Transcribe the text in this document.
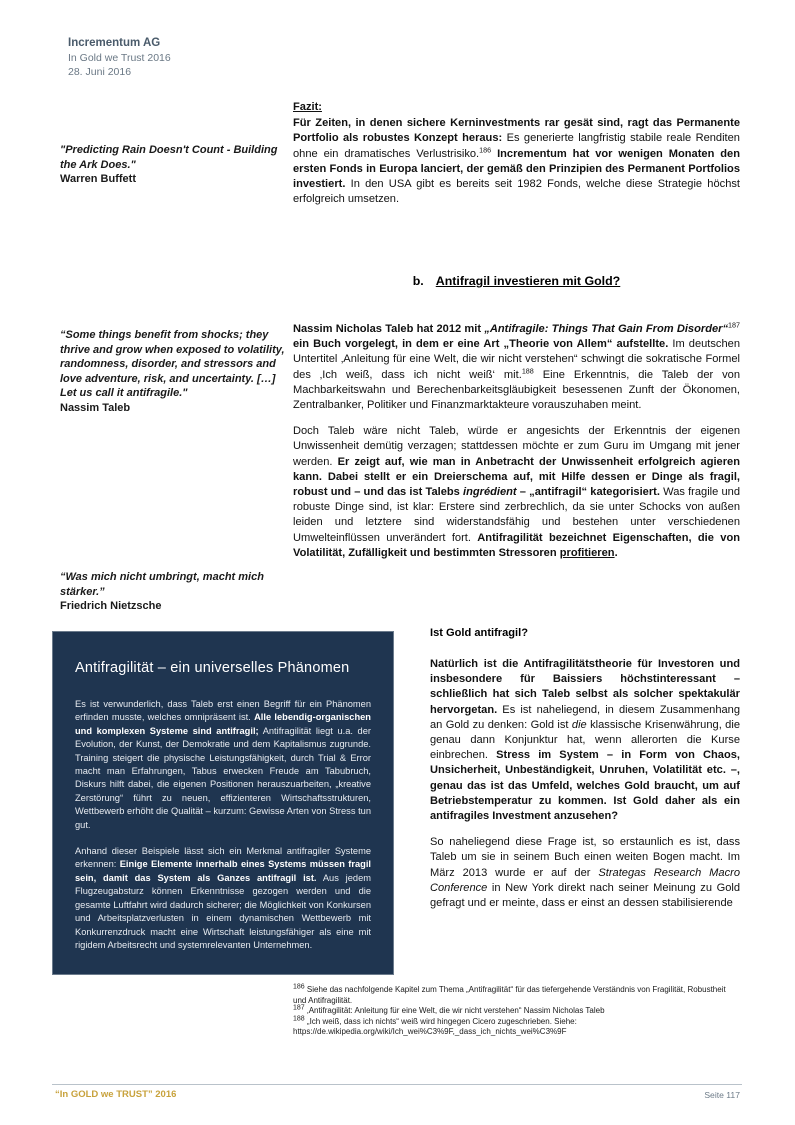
Incrementum AG
In Gold we Trust 2016
28. Juni 2016
"Predicting Rain Doesn't Count - Building the Ark Does."
Warren Buffett
“Some things benefit from shocks; they thrive and grow when exposed to volatility, randomness, disorder, and stressors and love adventure, risk, and uncertainty. […] Let us call it antifragile."
Nassim Taleb
“Was mich nicht umbringt, macht mich stärker.”
Friedrich Nietzsche

Fazit:
Für Zeiten, in denen sichere Kerninvestments rar gesät sind, ragt das Permanente Portfolio als robustes Konzept heraus: Es generierte langfristig stabile reale Renditen ohne ein dramatisches Verlustrisiko.$^{186}$ Incrementum hat vor wenigen Monaten den ersten Fonds in Europa lanciert, der gemäß den Prinzipien des Permanent Portfolios investiert. In den USA gibt es bereits seit 1982 Fonds, welche diese Strategie höchst erfolgreich umsetzen.

b. Antifragil investieren mit Gold?

Nassim Nicholas Taleb hat 2012 mit „Antifragile: Things That Gain From Disorder“$^{187}$ ein Buch vorgelegt, in dem er eine Art „Theorie von Allem“ aufstellte. Im deutschen Untertitel ‚Anleitung für eine Welt, die wir nicht verstehen“ schwingt die sokratische Formel des ‚Ich weiß, dass ich nicht weiß‘ mit.$^{188}$ Eine Erkenntnis, die Taleb der von Machbarkeitswahn und Berechenbarkeitsgläubigkeit besessenen Zunft der Ökonomen, Zentralbanker, Politiker und Finanzmarktakteure vorauszuhaben meint.

Doch Taleb wäre nicht Taleb, würde er angesichts der Erkenntnis der eigenen Unwissenheit demütig verzagen; stattdessen möchte er zum Guru im Umgang mit jener werden. Er zeigt auf, wie man in Anbetracht der Unwissenheit erfolgreich agieren kann. Dabei stellt er ein Dreierschema auf, mit Hilfe dessen er Dinge als fragil, robust und – und das ist Talebs ingrédient – „antifragil“ kategorisiert. Was fragile und robuste Dinge sind, ist klar: Erstere sind zerbrechlich, da sie unter Schocks von außen leiden und letztere sind widerstandsfähig und bestehen unter verschiedenen Umwelteinflüssen unverändert fort. Antifragilität bezeichnet Eigenschaften, die von Volatilität, Zufälligkeit und bestimmten Stressoren profitieren.

Ist Gold antifragil?

Natürlich ist die Antifragilitätstheorie für Investoren und insbesondere für Baissiers höchstinteressant – schließlich hat sich Taleb selbst als solcher spektakulär hervorgetan. Es ist naheliegend, in diesem Zusammenhang an Gold zu denken: Gold ist die klassische Krisenwährung, die genau dann Konjunktur hat, wenn allerorten die Kurse einbrechen. Stress im System – in Form von Chaos, Unsicherheit, Unbeständigkeit, Unruhen, Volatilität etc. –, genau das ist das Umfeld, welches Gold braucht, um auf Betriebstemperatur zu kommen. Ist Gold daher als ein antifragiles Investment anzusehen?

So naheliegend diese Frage ist, so erstaunlich es ist, dass Taleb um sie in seinem Buch einen weiten Bogen macht. Im März 2013 wurde er auf der Strategas Research Macro Conference in New York direkt nach seiner Meinung zu Gold gefragt und er meinte, dass er einst an dessen stabilisierende

Antifragilität – ein universelles Phänomen

Es ist verwunderlich, dass Taleb erst einen Begriff für ein Phänomen erfinden musste, welches omnipräsent ist. Alle lebendig-organischen und komplexen Systeme sind antifragil; Antifragilität liegt u.a. der Evolution, der Kunst, der Demokratie und dem Kapitalismus zugrunde. Training steigert die physische Leistungsfähigkeit, durch Trial & Error macht man Erfahrungen, Tabus erwecken Freude am Tabubruch, Diskurs hilft dabei, die eigenen Positionen herauszuarbeiten, „kreative Zerstörung“ führt zu neuen, effizienteren Wirtschaftsstrukturen, Wettbewerb erhöht die Qualität – kurzum: Gewisse Arten von Stress tun gut.

Anhand dieser Beispiele lässt sich ein Merkmal antifragiler Systeme erkennen: Einige Elemente innerhalb eines Systems müssen fragil sein, damit das System als Ganzes antifragil ist. Aus jedem Flugzeugabsturz können Erkenntnisse gezogen werden und die gesamte Luftfahrt wird dadurch sicherer; die Möglichkeit von Konkursen und Arbeitsplatzverlusten in einem dynamischen Wettbewerb mit Konkurrenzdruck macht eine Wirtschaft leistungsfähiger als eine mit rigidem Arbeitsrecht und systemrelevanten Unternehmen.

$^{186}$ Siehe das nachfolgende Kapitel zum Thema „Antifragilität“ für das tiefergehende Verständnis von Fragilität, Robustheit und Antifragilität.
$^{187}$ ‚Antifragilität: Anleitung für eine Welt, die wir nicht verstehen“ Nassim Nicholas Taleb
$^{188}$ „Ich weiß, dass ich nichts“ weiß wird hingegen Cicero zugeschrieben. Siehe:
https://de.wikipedia.org/wiki/Ich_wei%C3%9F,_dass_ich_nichts_wei%C3%9F
“In GOLD we TRUST” 2016	Seite 117
